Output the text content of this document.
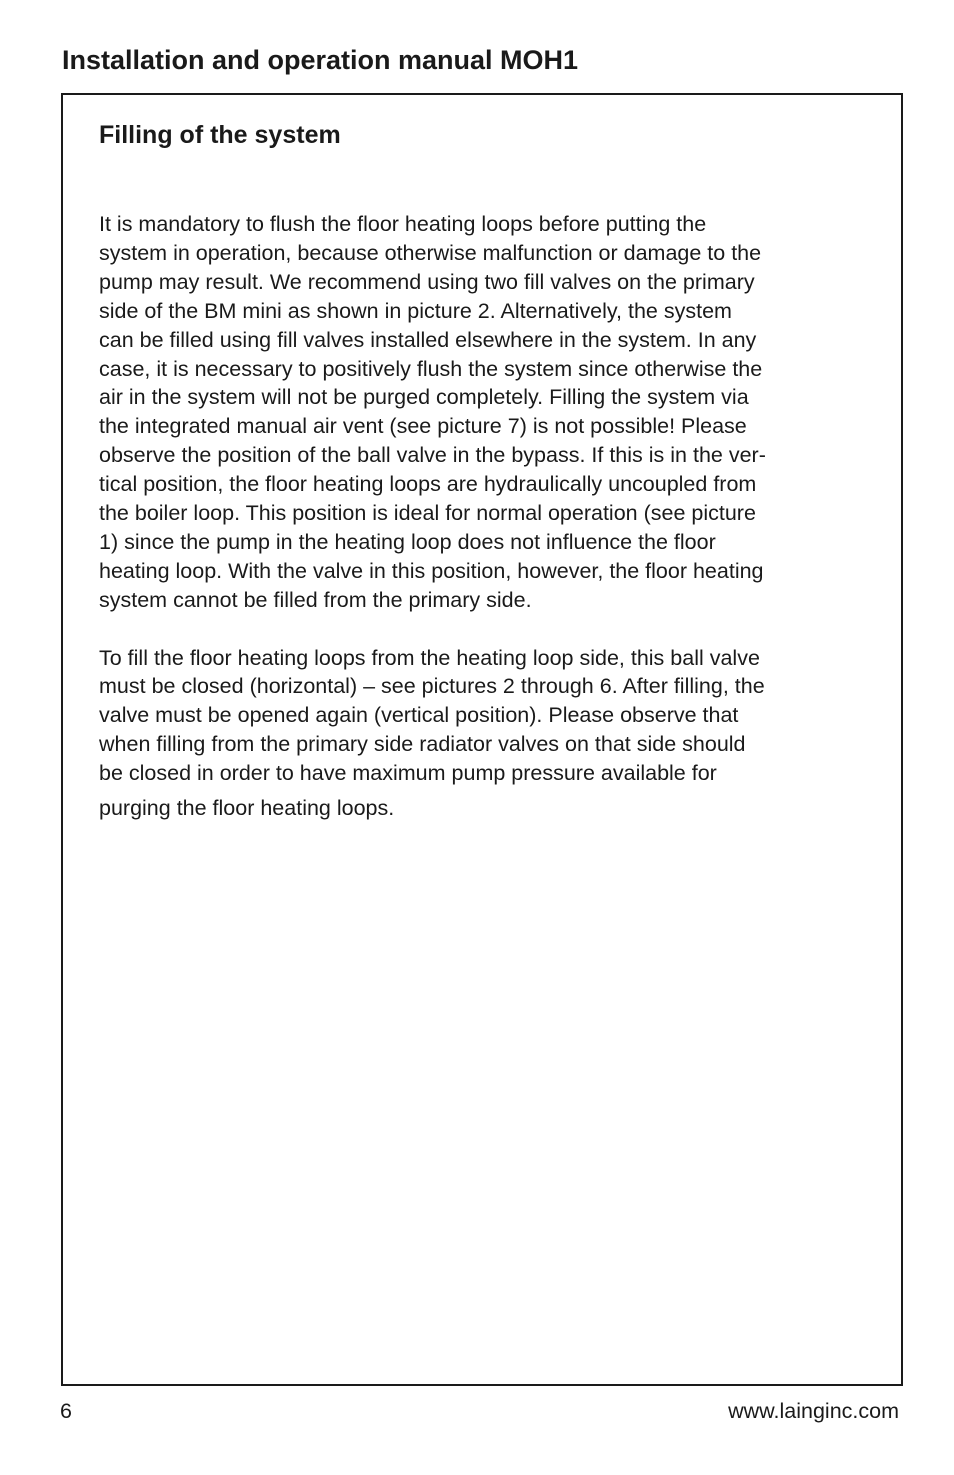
Installation and operation manual MOH1
Filling of the system
It is mandatory to flush the floor heating loops before putting the
system in operation, because otherwise malfunction or damage to the
pump may result. We recommend using two fill valves on the primary
side of the BM mini as shown in picture 2. Alternatively, the system
can be filled using fill valves installed elsewhere in the system. In any
case, it is necessary to positively flush the system since otherwise the
air in the system will not be purged completely. Filling the system via
the integrated manual air vent (see picture 7) is not possible! Please
observe the position of the ball valve in the bypass. If this is in the ver-
tical position, the floor heating loops are hydraulically uncoupled from
the boiler loop. This position is ideal for normal operation (see picture
1) since the pump in the heating loop does not influence the floor
heating loop. With the valve in this position, however, the floor heating
system cannot be filled from the primary side.
To fill the floor heating loops from the heating loop side, this ball valve
must be closed (horizontal) – see pictures 2 through 6. After filling, the
valve must be opened again (vertical position). Please observe that
when filling from the primary side radiator valves on that side should
be closed in order to have maximum pump pressure available for
purging the floor heating loops.
6	www.lainginc.com
